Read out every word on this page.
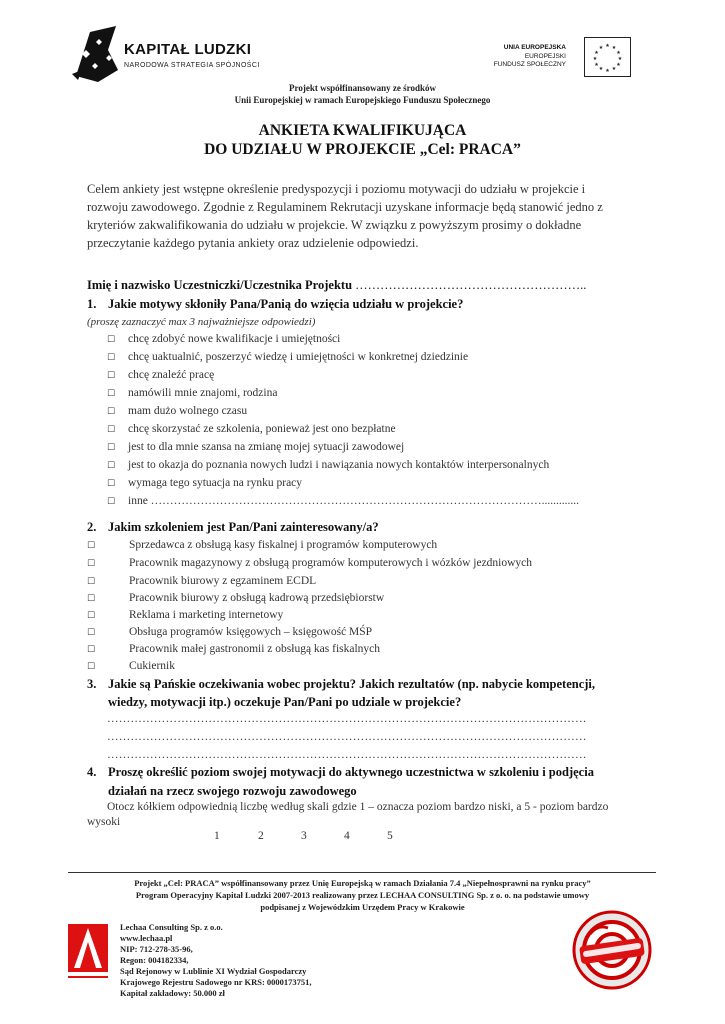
KAPITAŁ LUDZKI
NARODOWA STRATEGIA SPÓJNOŚCI
UNIA EUROPEJSKA
EUROPEJSKI
FUNDUSZ SPOŁECZNY
★ ★
★
★
★
★
★
★
★
★
★
★
Projekt współfinansowany ze środków
Unii Europejskiej w ramach Europejskiego Funduszu Społecznego
ANKIETA KWALIFIKUJĄCA
DO UDZIAŁU W PROJEKCIE „Cel: PRACA”
Celem ankiety jest wstępne określenie predyspozycji i poziomu motywacji do udziału w projekcie i
rozwoju zawodowego. Zgodnie z Regulaminem Rekrutacji uzyskane informacje będą stanowić jedno z
kryteriów zakwalifikowania do udziału w projekcie. W związku z powyższym prosimy o dokładne
przeczytanie każdego pytania ankiety oraz udzielenie odpowiedzi.
Imię i nazwisko Uczestniczki/Uczestnika Projektu ………………………………………………..
1. Jakie motywy skłoniły Pana/Panią do wzięcia udziału w projekcie?
(proszę zaznaczyć max 3 najważniejsze odpowiedzi)
☐ chcę zdobyć nowe kwalifikacje i umiejętności
☐ chcę uaktualnić, poszerzyć wiedzę i umiejętności w konkretnej dziedzinie
☐ chcę znaleźć pracę
☐ namówili mnie znajomi, rodzina
☐ mam dużo wolnego czasu
☐ chcę skorzystać ze szkolenia, ponieważ jest ono bezpłatne
☐ jest to dla mnie szansa na zmianę mojej sytuacji zawodowej
☐ jest to okazja do poznania nowych ludzi i nawiązania nowych kontaktów interpersonalnych
☐ wymaga tego sytuacja na rynku pracy
☐ inne ………………………………………………………………………………………….............
2. Jakim szkoleniem jest Pan/Pani zainteresowany/a?
☐	Sprzedawca z obsługą kasy fiskalnej i programów komputerowych
☐	Pracownik magazynowy z obsługą programów komputerowych i wózków jezdniowych
☐	Pracownik biurowy z egzaminem ECDL
☐	Pracownik biurowy z obsługą kadrową przedsiębiorstw
☐	Reklama i marketing internetowy
☐	Obsługa programów księgowych – księgowość MŚP
☐	Pracownik małej gastronomii z obsługą kas fiskalnych
☐	Cukiernik
3. Jakie są Pańskie oczekiwania wobec projektu? Jakich rezultatów (np. nabycie kompetencji,
wiedzy, motywacji itp.) oczekuje Pan/Pani po udziale w projekcie?
……………………………………………………………………………………………………………
……………………………………………………………………………………………………………
……………………………………………………………………………………………………………
4. Proszę określić poziom swojej motywacji do aktywnego uczestnictwa w szkoleniu i podjęcia
działań na rzecz swojego rozwoju zawodowego
Otocz kółkiem odpowiednią liczbę według skali gdzie 1 – oznacza poziom bardzo niski, a 5 - poziom bardzo
wysoki
1	2	3	4	5
Projekt „Cel: PRACA” współfinansowany przez Unię Europejską w ramach Działania 7.4 „Niepełnosprawni na rynku pracy”
Program Operacyjny Kapitał Ludzki 2007-2013 realizowany przez LECHAA CONSULTING Sp. z o. o. na podstawie umowy
podpisanej z Wojewódzkim Urzędem Pracy w Krakowie
Lechaa Consulting Sp. z o.o.
www.lechaa.pl
NIP: 712-278-35-96,
Regon: 004182334,
Sąd Rejonowy w Lublinie XI Wydział Gospodarczy
Krajowego Rejestru Sadowego nr KRS: 0000173751,
Kapitał zakładowy: 50.000 zł
